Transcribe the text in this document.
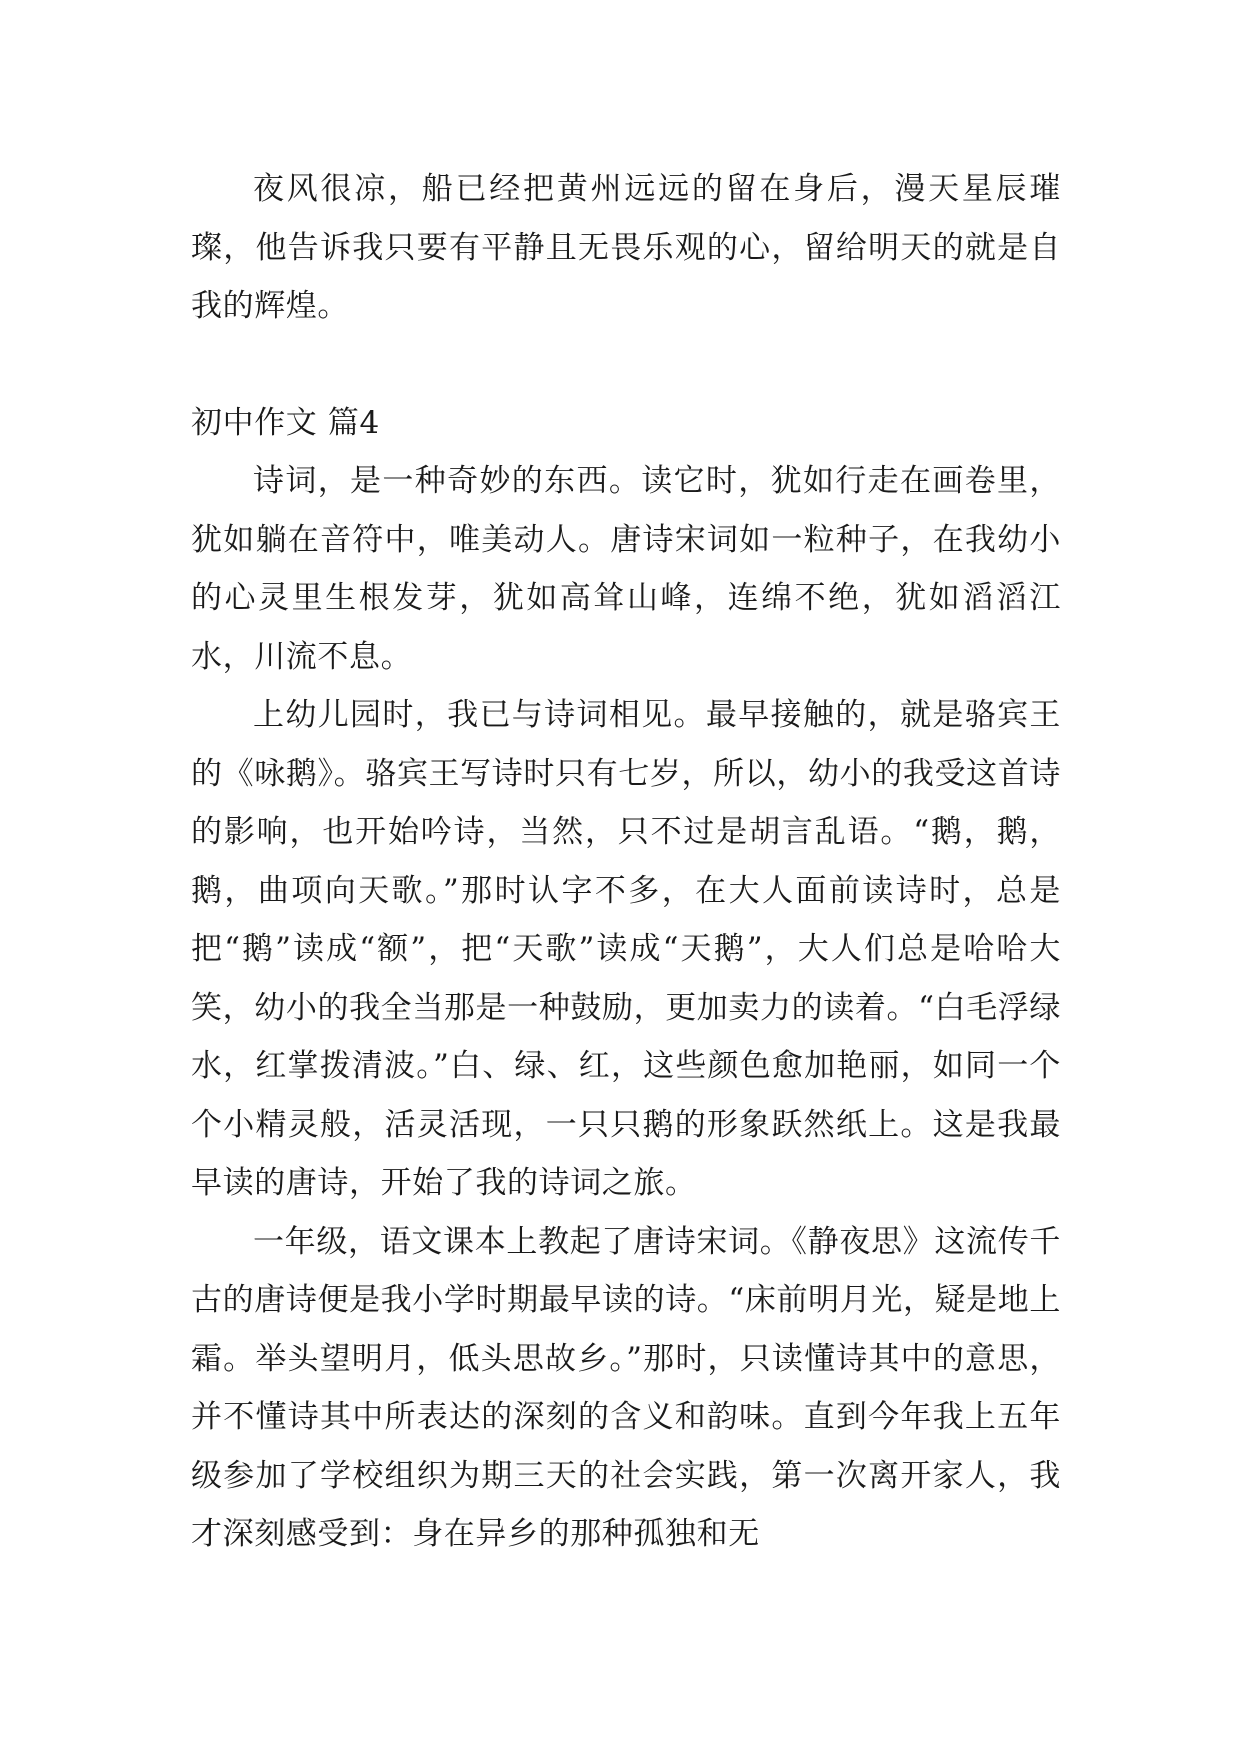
夜风很凉，船已经把黄州远远的留在身后，漫天星辰璀璨，他告诉我只要有平静且无畏乐观的心，留给明天的就是自我的辉煌。

初中作文 篇4

诗词，是一种奇妙的东西。读它时，犹如行走在画卷里，犹如躺在音符中，唯美动人。唐诗宋词如一粒种子，在我幼小的心灵里生根发芽，犹如高耸山峰，连绵不绝，犹如滔滔江水，川流不息。

上幼儿园时，我已与诗词相见。最早接触的，就是骆宾王的《咏鹅》。骆宾王写诗时只有七岁，所以，幼小的我受这首诗的影响，也开始吟诗，当然，只不过是胡言乱语。“鹅，鹅，鹅，曲项向天歌。”那时认字不多，在大人面前读诗时，总是把“鹅”读成“额”，把“天歌”读成“天鹅”，大人们总是哈哈大笑，幼小的我全当那是一种鼓励，更加卖力的读着。“白毛浮绿水，红掌拨清波。”白、绿、红，这些颜色愈加艳丽，如同一个个小精灵般，活灵活现，一只只鹅的形象跃然纸上。这是我最早读的唐诗，开始了我的诗词之旅。

一年级，语文课本上教起了唐诗宋词。《静夜思》这流传千古的唐诗便是我小学时期最早读的诗。“床前明月光，疑是地上霜。举头望明月，低头思故乡。”那时，只读懂诗其中的意思，并不懂诗其中所表达的深刻的含义和韵味。直到今年我上五年级参加了学校组织为期三天的社会实践，第一次离开家人，我才深刻感受到：身在异乡的那种孤独和无
